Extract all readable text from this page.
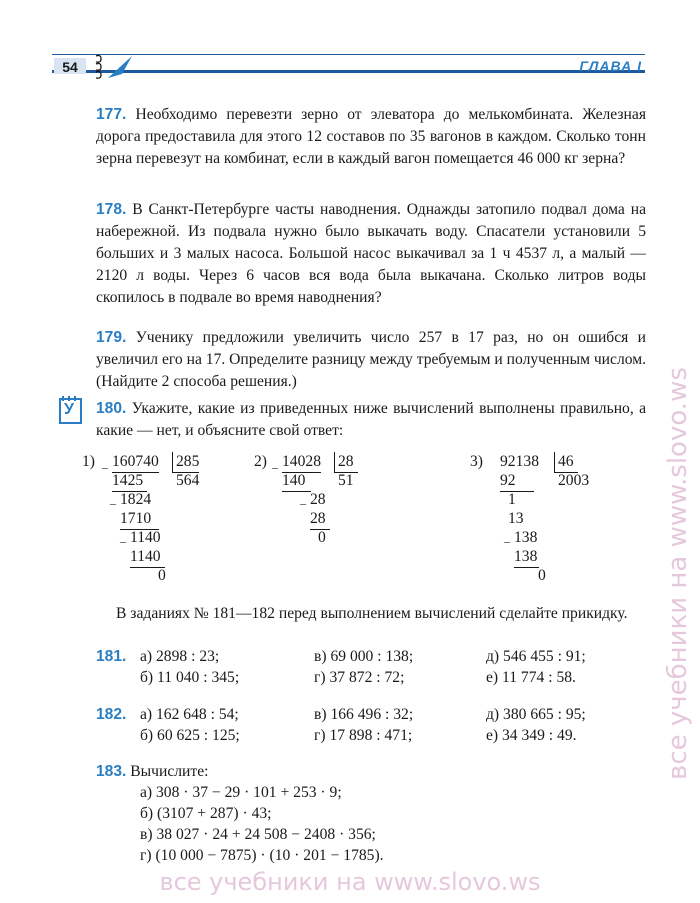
54	ГЛАВА I
177. Необходимо перевезти зерно от элеватора до мелькомбината. Железная дорога предоставила для этого 12 составов по 35 вагонов в каждом. Сколько тонн зерна перевезут на комбинат, если в каждый вагон помещается 46 000 кг зерна?
178. В Санкт-Петербурге часты наводнения. Однажды затопило подвал дома на набережной. Из подвала нужно было выкачать воду. Спасатели установили 5 больших и 3 малых насоса. Большой насос выкачивал за 1 ч 4537 л, а малый — 2120 л воды. Через 6 часов вся вода была выкачана. Сколько литров воды скопилось в подвале во время наводнения?
179. Ученику предложили увеличить число 257 в 17 раз, но он ошибся и увеличил его на 17. Определите разницу между требуемым и полученным числом. (Найдите 2 способа решения.)
У 180. Укажите, какие из приведенных ниже вычислений выполнены правильно, а какие — нет, и объясните свой ответ:
1) _ 160740 285
564
1425
_ 1824
1710
_ 1140
1140
0
2) _ 14028 28
51
140
_ 28
28
0
3) 92138 46
2003
92
1
13
_ 138
138
0
В заданиях № 181—182 перед выполнением вычислений сделайте прикидку.
181. а) 2898 : 23;
б) 11 040 : 345;
в) 69 000 : 138;
г) 37 872 : 72;
д) 546 455 : 91;
е) 11 774 : 58.
182. а) 162 648 : 54;
б) 60 625 : 125;
в) 166 496 : 32;
г) 17 898 : 471;
д) 380 665 : 95;
е) 34 349 : 49.
183. Вычислите:
а) 308 · 37 − 29 · 101 + 253 · 9;
б) (3107 + 287) · 43;
в) 38 027 · 24 + 24 508 − 2408 · 356;
г) (10 000 − 7875) · (10 · 201 − 1785).
все учебники на www.slovo.ws
все учебники на www.slovo.ws
